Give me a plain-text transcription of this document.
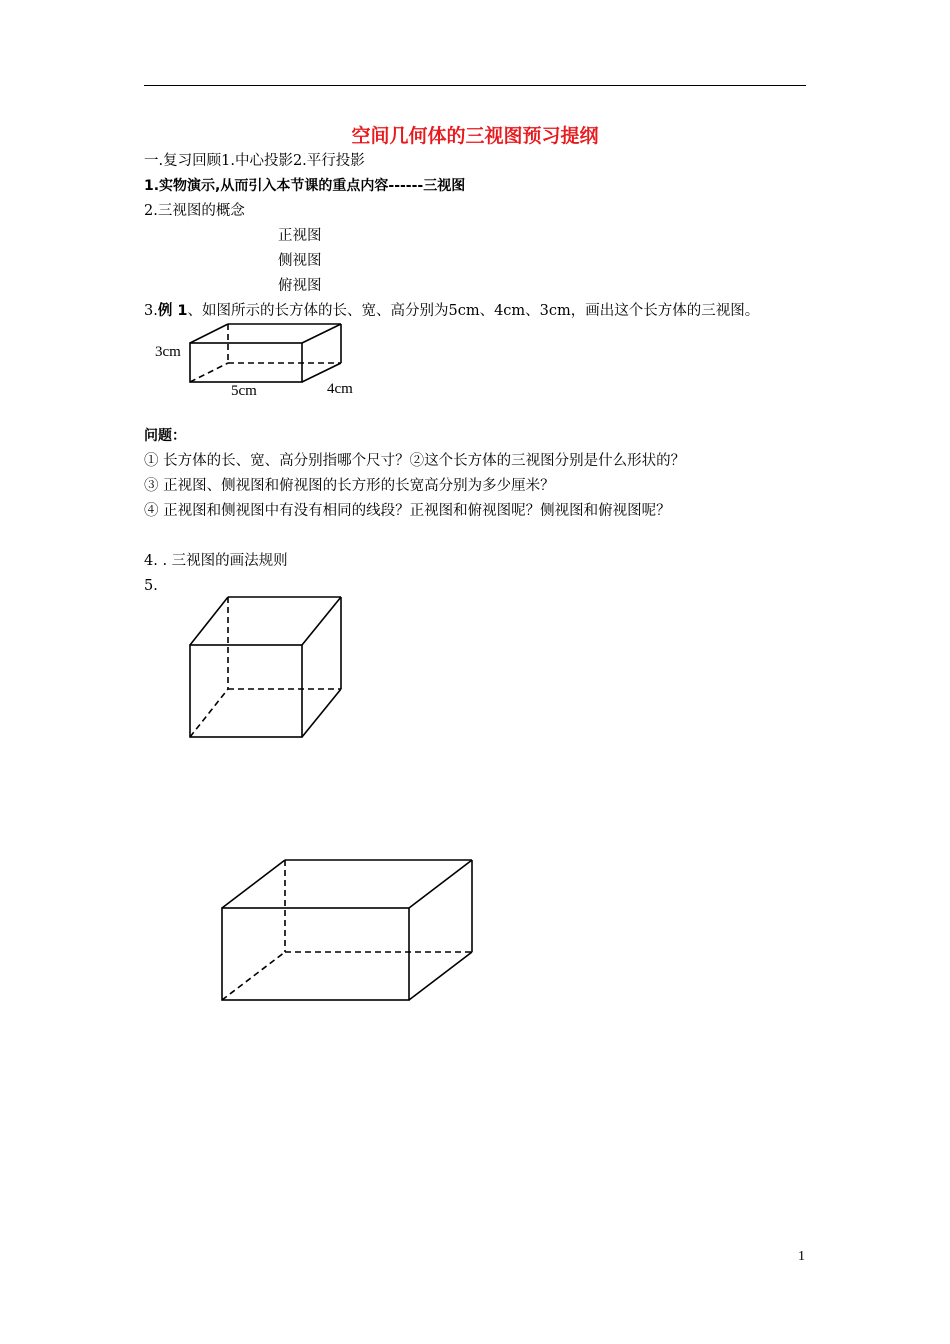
空间几何体的三视图预习提纲
一.复习回顾1.中心投影2.平行投影
1.实物演示,从而引入本节课的重点内容------三视图
2.三视图的概念
正视图
侧视图
俯视图
3.例 1、如图所示的长方体的长、宽、高分别为5cm、4cm、3cm，画出这个长方体的三视图。
3cm
5cm	4cm
问题：
① 长方体的长、宽、高分别指哪个尺寸？②这个长方体的三视图分别是什么形状的？
③ 正视图、侧视图和俯视图的长方形的长宽高分别为多少厘米？
④ 正视图和侧视图中有没有相同的线段？正视图和俯视图呢？侧视图和俯视图呢？
4. . 三视图的画法规则
5.
1
